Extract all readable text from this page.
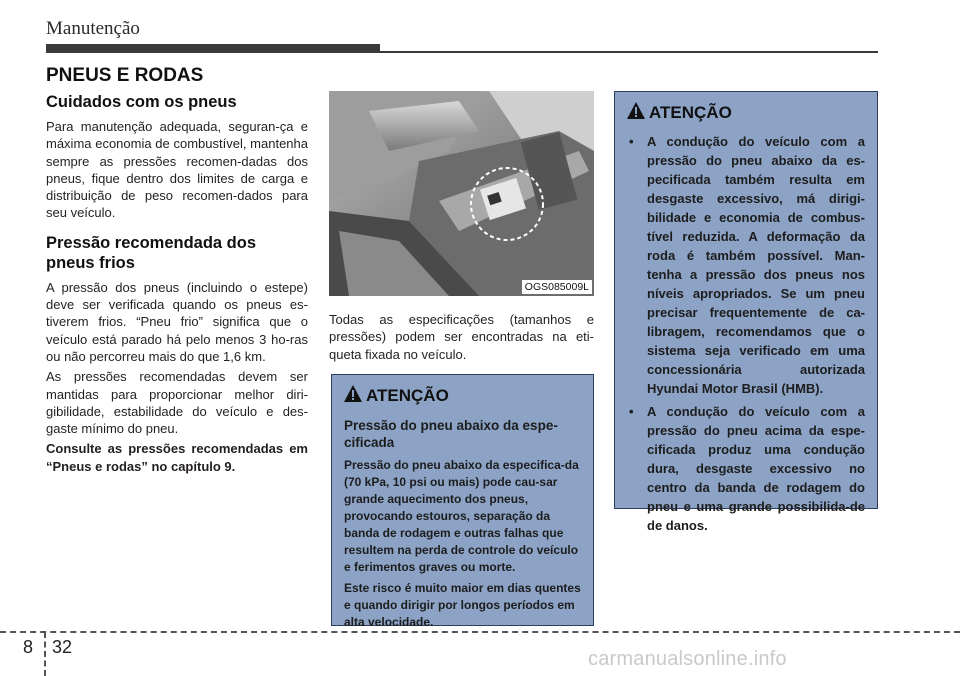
Manutenção
PNEUS E RODAS
Cuidados com os pneus

Para manutenção adequada, seguran-ça e máxima economia de combustível, mantenha sempre as pressões recomen-dadas dos pneus, fique dentro dos limites de carga e distribuição de peso recomen-dados para seu veículo.

Pressão recomendada dos pneus frios

A pressão dos pneus (incluindo o estepe) deve ser verificada quando os pneus es-tiverem frios. “Pneu frio” significa que o veículo está parado há pelo menos 3 ho-ras ou não percorreu mais do que 1,6 km.

As pressões recomendadas devem ser mantidas para proporcionar melhor diri-gibilidade, estabilidade do veículo e des-gaste mínimo do pneu.

Consulte as pressões recomendadas em “Pneus e rodas” no capítulo 9.

OGS085009L

Todas as especificações (tamanhos e pressões) podem ser encontradas na eti-queta fixada no veículo.

ATENÇÃO
Pressão do pneu abaixo da espe-cificada

Pressão do pneu abaixo da especifica-da (70 kPa, 10 psi ou mais) pode cau-sar grande aquecimento dos pneus, provocando estouros, separação da banda de rodagem e outras falhas que resultem na perda de controle do veículo e ferimentos graves ou morte.

Este risco é muito maior em dias quentes e quando dirigir por longos períodos em alta velocidade.

ATENÇÃO
• A condução do veículo com a pressão do pneu abaixo da es-pecificada também resulta em desgaste excessivo, má dirigi-bilidade e economia de combus-tível reduzida. A deformação da roda é também possível. Man-tenha a pressão dos pneus nos níveis apropriados. Se um pneu precisar frequentemente de ca-libragem, recomendamos que o sistema seja verificado em uma concessionária autorizada Hyundai Motor Brasil (HMB).
• A condução do veículo com a pressão do pneu acima da espe-cificada produz uma condução dura, desgaste excessivo no centro da banda de rodagem do pneu e uma grande possibilida-de de danos.
8 32
carmanualsonline.info
